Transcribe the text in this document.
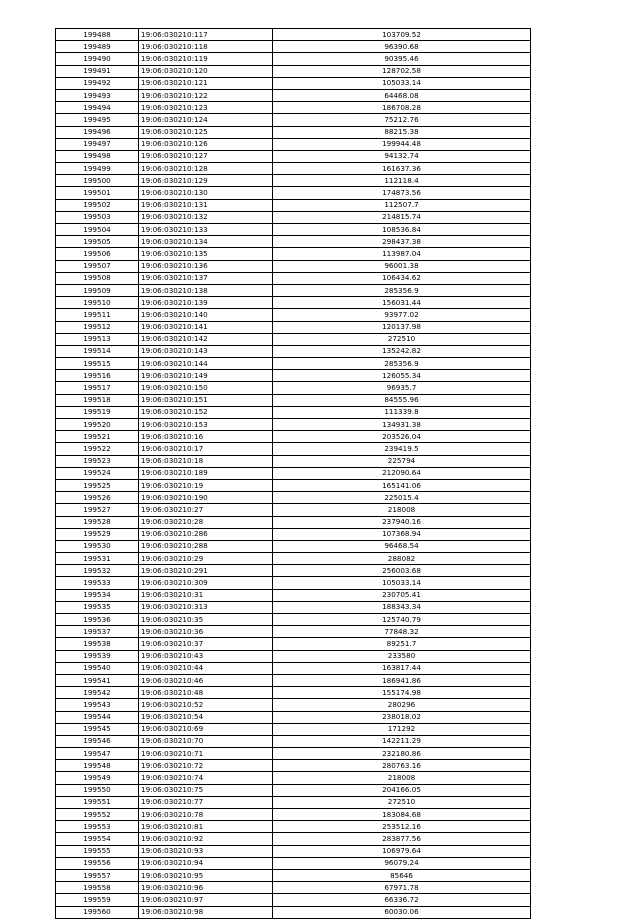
199488	19:06:030210:117	103709.52
199489	19:06:030210:118	96390.68
199490	19:06:030210:119	90395.46
199491	19:06:030210:120	128702.58
199492	19:06:030210:121	105033.14
199493	19:06:030210:122	64468.08
199494	19:06:030210:123	186708.28
199495	19:06:030210:124	75212.76
199496	19:06:030210:125	88215.38
199497	19:06:030210:126	199944.48
199498	19:06:030210:127	94132.74
199499	19:06:030210:128	161637.36
199500	19:06:030210:129	112118.4
199501	19:06:030210:130	174873.56
199502	19:06:030210:131	112507.7
199503	19:06:030210:132	214815.74
199504	19:06:030210:133	108536.84
199505	19:06:030210:134	298437.38
199506	19:06:030210:135	113987.04
199507	19:06:030210:136	96001.38
199508	19:06:030210:137	106434.62
199509	19:06:030210:138	285356.9
199510	19:06:030210:139	156031.44
199511	19:06:030210:140	93977.02
199512	19:06:030210:141	120137.98
199513	19:06:030210:142	272510
199514	19:06:030210:143	135242.82
199515	19:06:030210:144	285356.9
199516	19:06:030210:149	126055.34
199517	19:06:030210:150	96935.7
199518	19:06:030210:151	84555.96
199519	19:06:030210:152	111339.8
199520	19:06:030210:153	134931.38
199521	19:06:030210:16	203526.04
199522	19:06:030210:17	239419.5
199523	19:06:030210:18	225794
199524	19:06:030210:189	212090.64
199525	19:06:030210:19	165141.06
199526	19:06:030210:190	225015.4
199527	19:06:030210:27	218008
199528	19:06:030210:28	237940.16
199529	19:06:030210:286	107368.94
199530	19:06:030210:288	96468.54
199531	19:06:030210:29	288082
199532	19:06:030210:291	256003.68
199533	19:06:030210:309	105033.14
199534	19:06:030210:31	230705.41
199535	19:06:030210:313	188343.34
199536	19:06:030210:35	125740.79
199537	19:06:030210:36	77848.32
199538	19:06:030210:37	89251.7
199539	19:06:030210:43	233580
199540	19:06:030210:44	163817.44
199541	19:06:030210:46	186941.86
199542	19:06:030210:48	155174.98
199543	19:06:030210:52	280296
199544	19:06:030210:54	238018.02
199545	19:06:030210:69	171292
199546	19:06:030210:70	142211.29
199547	19:06:030210:71	232180.86
199548	19:06:030210:72	280763.16
199549	19:06:030210:74	218008
199550	19:06:030210:75	204166.05
199551	19:06:030210:77	272510
199552	19:06:030210:78	183084.68
199553	19:06:030210:81	253512.16
199554	19:06:030210:92	283877.56
199555	19:06:030210:93	106979.64
199556	19:06:030210:94	96079.24
199557	19:06:030210:95	85646
199558	19:06:030210:96	67971.78
199559	19:06:030210:97	66336.72
199560	19:06:030210:98	60030.06
